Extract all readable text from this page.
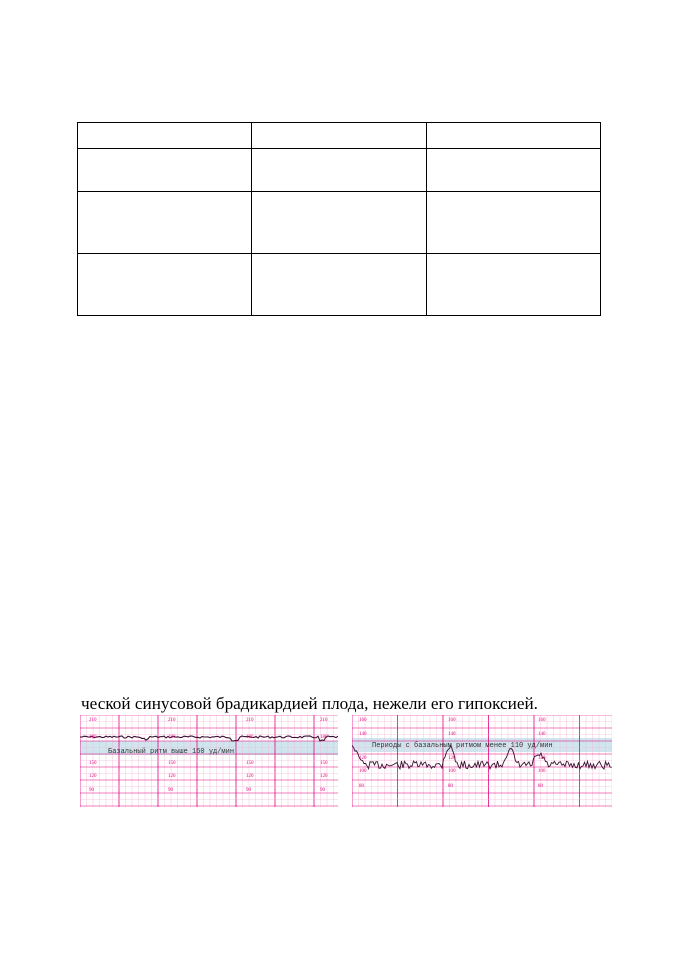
ческой синусовой брадикардией плода, нежели его гипоксией.
210	210	210	210
180	180	180	180
150	150	150	150
120	120	120	120
90	90	90	90
Базальный ритм выше 160 уд/мин
160	160	160
140	140	140
120	120	120
100	100	100
80	80	80
Периоды с базальным ритмом менее 110 уд/мин
